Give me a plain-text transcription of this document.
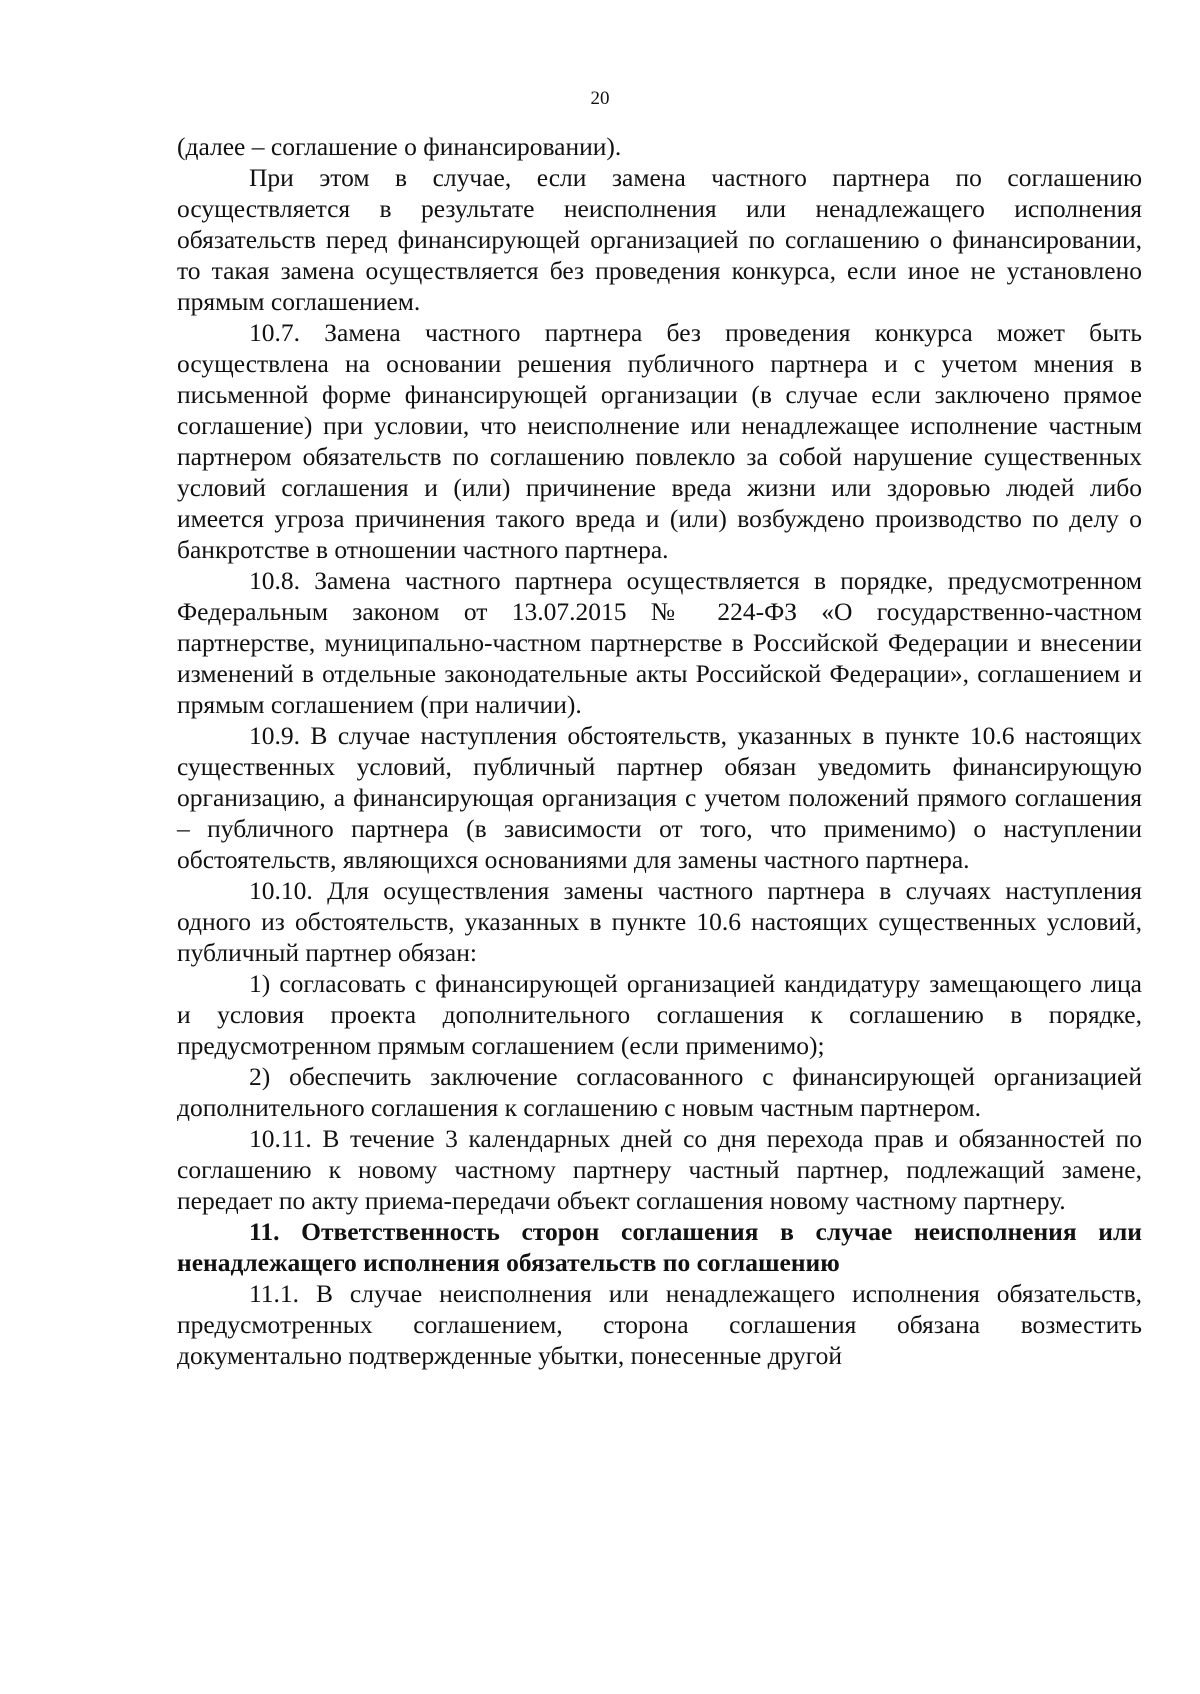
20

(далее – соглашение о финансировании).

При этом в случае, если замена частного партнера по соглашению осуществляется в результате неисполнения или ненадлежащего исполнения обязательств перед финансирующей организацией по соглашению о финансировании, то такая замена осуществляется без проведения конкурса, если иное не установлено прямым соглашением.

10.7. Замена частного партнера без проведения конкурса может быть осуществлена на основании решения публичного партнера и с учетом мнения в письменной форме финансирующей организации (в случае если заключено прямое соглашение) при условии, что неисполнение или ненадлежащее исполнение частным партнером обязательств по соглашению повлекло за собой нарушение существенных условий соглашения и (или) причинение вреда жизни или здоровью людей либо имеется угроза причинения такого вреда и (или) возбуждено производство по делу о банкротстве в отношении частного партнера.

10.8. Замена частного партнера осуществляется в порядке, предусмотренном Федеральным законом от 13.07.2015 № 224-ФЗ «О государственно-частном партнерстве, муниципально-частном партнерстве в Российской Федерации и внесении изменений в отдельные законодательные акты Российской Федерации», соглашением и прямым соглашением (при наличии).

10.9. В случае наступления обстоятельств, указанных в пункте 10.6 настоящих существенных условий, публичный партнер обязан уведомить финансирующую организацию, а финансирующая организация с учетом положений прямого соглашения – публичного партнера (в зависимости от того, что применимо) о наступлении обстоятельств, являющихся основаниями для замены частного партнера.

10.10. Для осуществления замены частного партнера в случаях наступления одного из обстоятельств, указанных в пункте 10.6 настоящих существенных условий, публичный партнер обязан:

1) согласовать с финансирующей организацией кандидатуру замещающего лица и условия проекта дополнительного соглашения к соглашению в порядке, предусмотренном прямым соглашением (если применимо);

2) обеспечить заключение согласованного с финансирующей организацией дополнительного соглашения к соглашению с новым частным партнером.

10.11. В течение 3 календарных дней со дня перехода прав и обязанностей по соглашению к новому частному партнеру частный партнер, подлежащий замене, передает по акту приема-передачи объект соглашения новому частному партнеру.

11. Ответственность сторон соглашения в случае неисполнения или ненадлежащего исполнения обязательств по соглашению

11.1. В случае неисполнения или ненадлежащего исполнения обязательств, предусмотренных соглашением, сторона соглашения обязана возместить документально подтвержденные убытки, понесенные другой
